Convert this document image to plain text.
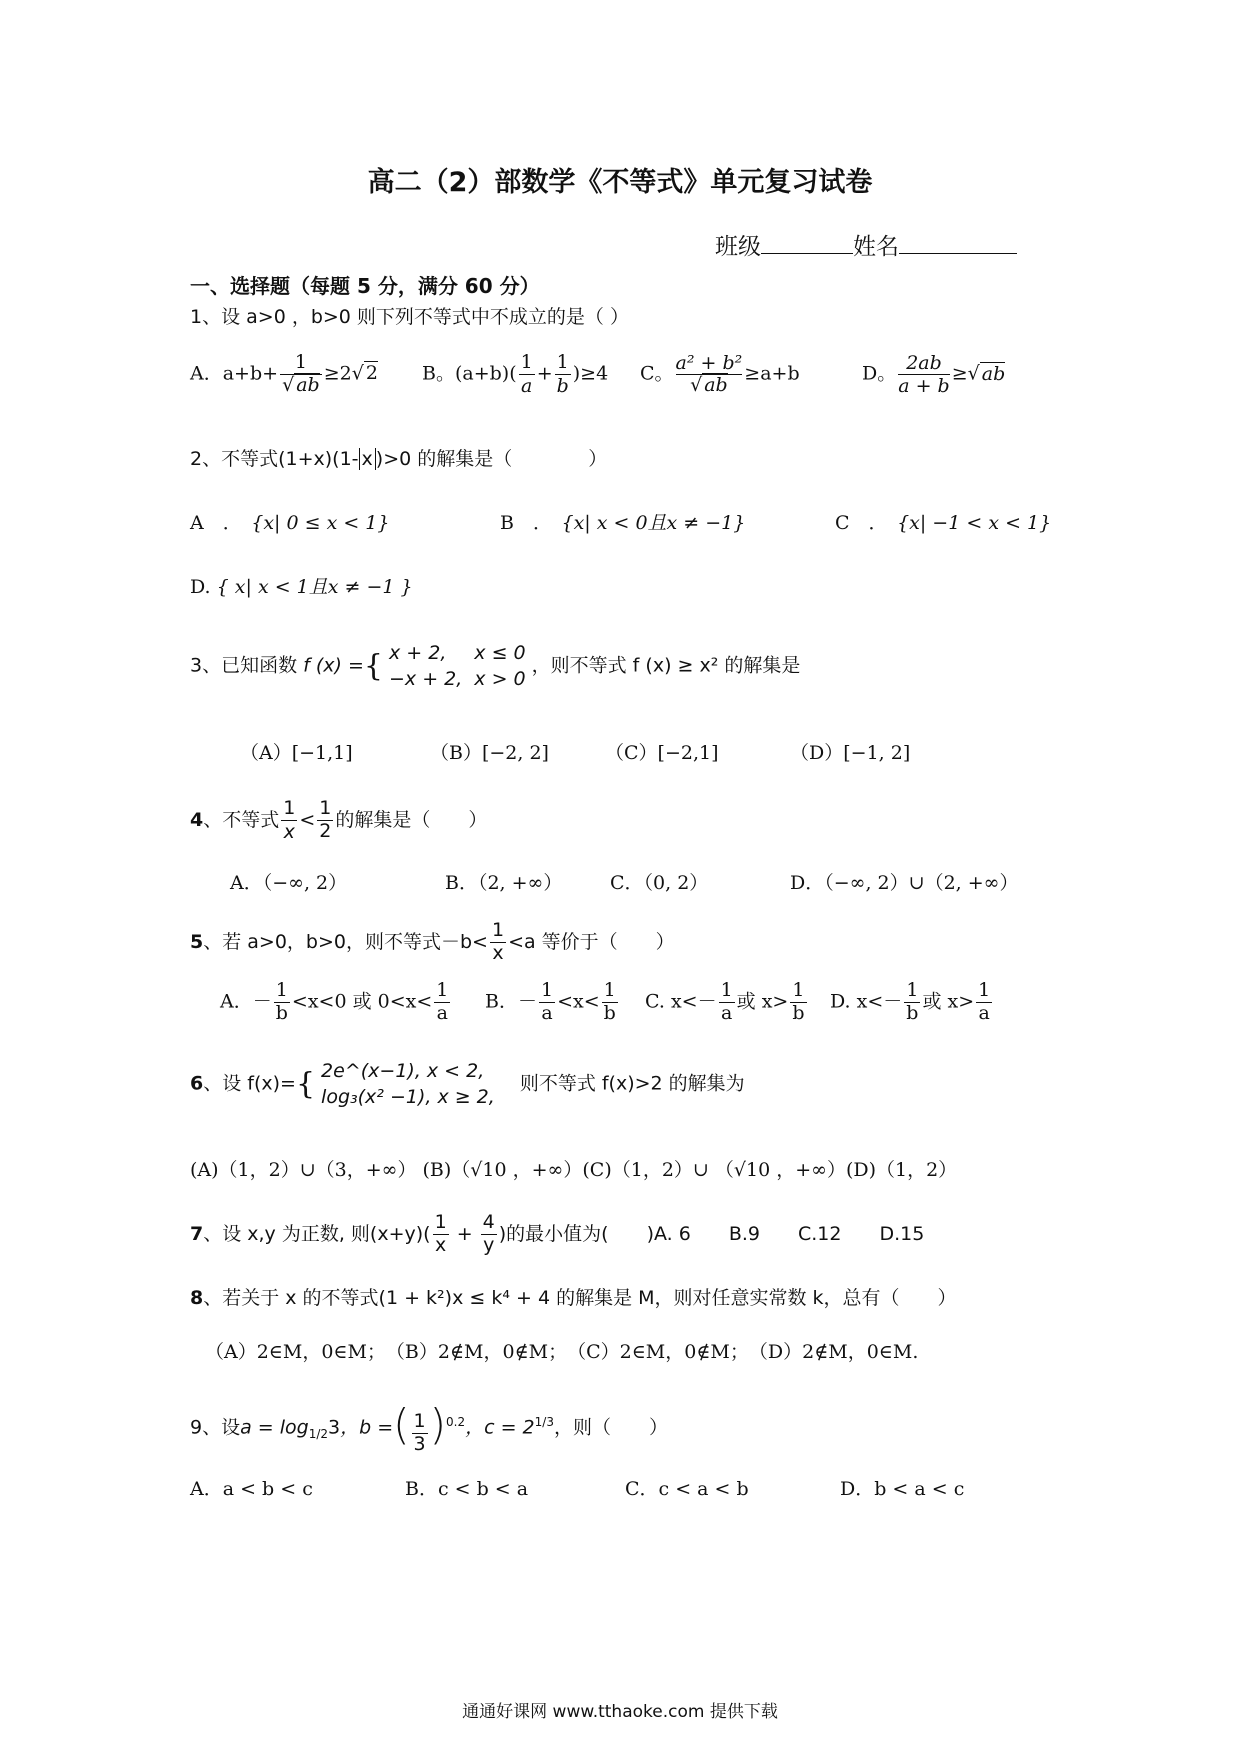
高二（2）部数学《不等式》单元复习试卷
班级	姓名
一、选择题（每题 5 分，满分 60 分）
1、设 a>0 ，b>0 则下列不等式中不成立的是（ ）
A．$a+b+ \frac{1}{√ ab} \ge 2√$ 2 B。$(a+b)( \frac{1}{a} + \frac{1}{b} )\ge 4$ C。 $\frac{\text{a² + b²}}{√ ab} \ge a+b$	D。 $\frac{2ab}{a + b}$ ≥√ ab
2、不等式(1+x)(1- x )>0 的解集是（　　　　）
A　．　 {x| 0 ≤ x < 1}	B　．　 {x| x < 0且x ≠ −1}	C　．　 {x| −1 < x < 1}
D. { x| x < 1且x ≠ −1 }
3、已知函数 f (x) ={ x + 2,	x ≤ 0
−x + 2,	x > 0，则不等式 f (x) ≥ x² 的解集是
（A）[−1,1]	（B）[−2, 2]	（C）[−2,1]	（D）[−1, 2]
4、不等式 $\frac{1}{x} < \frac{1}{2}$ 的解集是（　　）
A．（−∞, 2）	B．（2, +∞）	C．（0, 2）	D．（−∞, 2）∪（2, +∞）
5、若 a>0，b>0，则不等式$-b< \frac{1}{x} <a$ 等价于（　　）
A．－ $\frac{1}{b} <x<0$ 或 $0<x< \frac{1}{a}$ B．－ $\frac{1}{a} <x< \frac{1}{b} C$. $x<- \frac{1}{a}$ 或 $x> \frac{1}{b} D$. $x<- \frac{1}{b}$ 或 $x> \frac{1}{a}$
6、设 f(x)={ 2e^(x−1), x < 2,
log₃(x² −1), x ≥ 2,　则不等式 f(x)>2 的解集为
(A)（1，2）∪（3，+∞） (B)（√10 ，+∞）(C)（1，2）∪ （√10 ，+∞）(D)（1，2）
7、设 x,y 为正数, 则$(x+y)( \frac{1}{x} + \frac{4}{y}$ )的最小值为(　　)A. 6　　B.9　　C.12　　D.15
8、若关于 x 的不等式(1 + k²)x ≤ k⁴ + 4 的解集是 M，则对任意实常数 k，总有（　　）
（A）2∈M，0∈M；　（B）2∉M，0∉M；　（C）2∈M，0∉M；　（D）2∉M，0∈M.
9、设$a = \log_{1/2}3$，b =( $\frac{1}{3} )^{0.2}$，$c = 2^{1/3}$，则（　　）
A．a < b < c	B．c < b < a	C．c < a < b	D．b < a < c
通通好课网 www.tthaoke.com 提供下载
